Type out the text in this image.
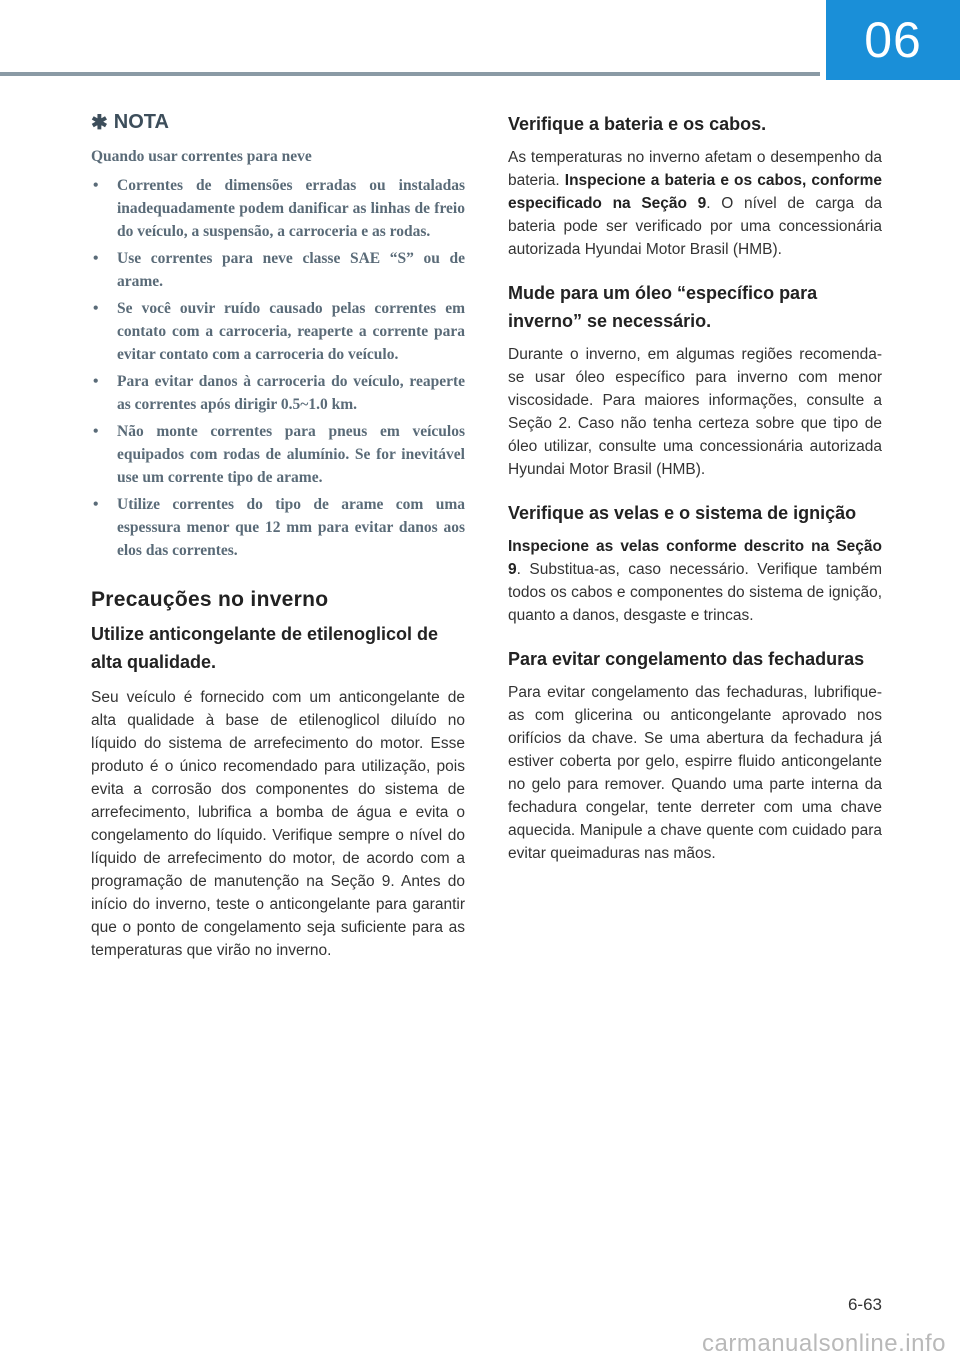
06
✱ NOTA
Quando usar correntes para neve
• Correntes de dimensões erradas ou instaladas inadequadamente podem danificar as linhas de freio do veículo, a suspensão, a carroceria e as rodas.
• Use correntes para neve classe SAE “S” ou de arame.
• Se você ouvir ruído causado pelas correntes em contato com a carroceria, reaperte a corrente para evitar contato com a carroceria do veículo.
• Para evitar danos à carroceria do veículo, reaperte as correntes após dirigir 0.5~1.0 km.
• Não monte correntes para pneus em veículos equipados com rodas de alumínio. Se for inevitável use um corrente tipo de arame.
• Utilize correntes do tipo de arame com uma espessura menor que 12 mm para evitar danos aos elos das correntes.
Precauções no inverno
Utilize anticongelante de etilenoglicol de alta qualidade.

Seu veículo é fornecido com um anticongelante de alta qualidade à base de etilenoglicol diluído no líquido do sistema de arrefecimento do motor. Esse produto é o único recomendado para utilização, pois evita a corrosão dos componentes do sistema de arrefecimento, lubrifica a bomba de água e evita o congelamento do líquido. Verifique sempre o nível do líquido de arrefecimento do motor, de acordo com a programação de manutenção na Seção 9. Antes do início do inverno, teste o anticongelante para garantir que o ponto de congelamento seja suficiente para as temperaturas que virão no inverno.

Verifique a bateria e os cabos.

As temperaturas no inverno afetam o desempenho da bateria. Inspecione a bateria e os cabos, conforme especificado na Seção 9. O nível de carga da bateria pode ser verificado por uma concessionária autorizada Hyundai Motor Brasil (HMB).

Mude para um óleo “específico para inverno” se necessário.

Durante o inverno, em algumas regiões recomenda-se usar óleo específico para inverno com menor viscosidade. Para maiores informações, consulte a Seção 2. Caso não tenha certeza sobre que tipo de óleo utilizar, consulte uma concessionária autorizada Hyundai Motor Brasil (HMB).

Verifique as velas e o sistema de ignição

Inspecione as velas conforme descrito na Seção 9. Substitua-as, caso necessário. Verifique também todos os cabos e componentes do sistema de ignição, quanto a danos, desgaste e trincas.

Para evitar congelamento das fechaduras

Para evitar congelamento das fechaduras, lubrifique-as com glicerina ou anticongelante aprovado nos orifícios da chave. Se uma abertura da fechadura já estiver coberta por gelo, espirre fluido anticongelante no gelo para remover. Quando uma parte interna da fechadura congelar, tente derreter com uma chave aquecida. Manipule a chave quente com cuidado para evitar queimaduras nas mãos.

6-63
carmanualsonline.info
